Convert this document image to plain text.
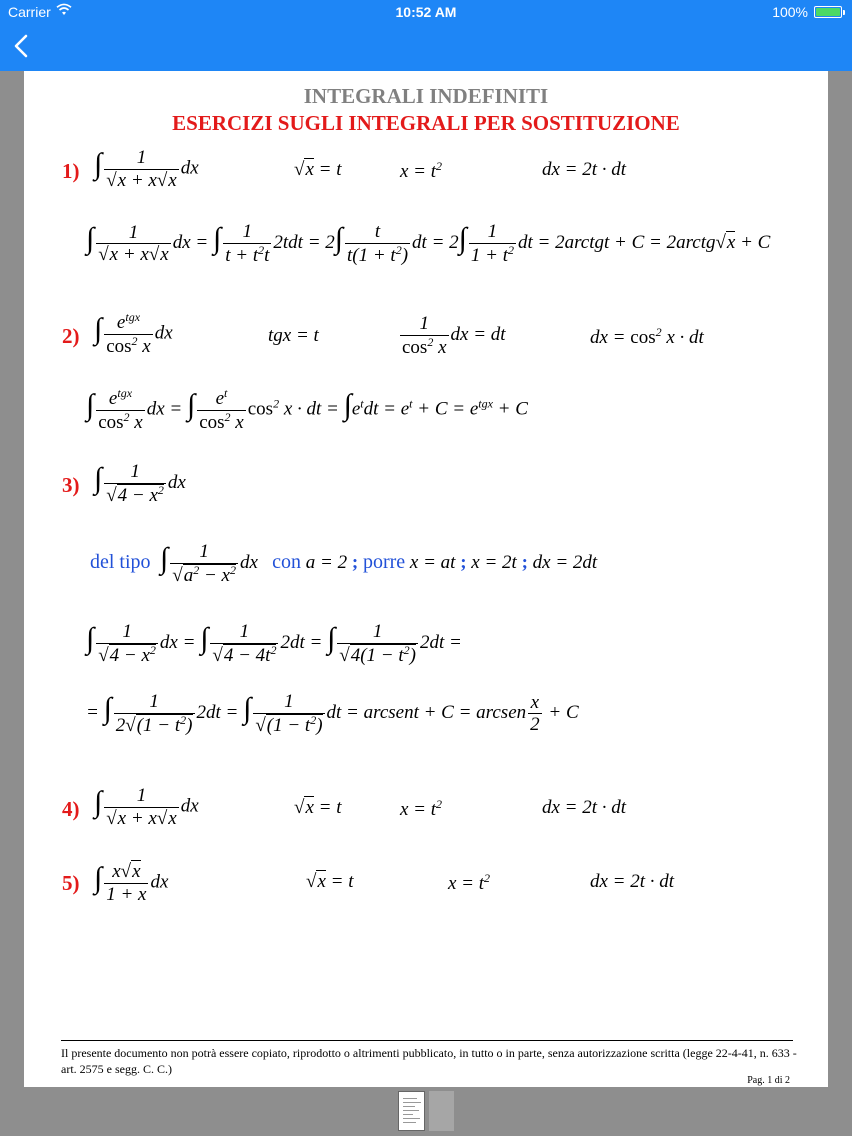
Carrier	10:52 AM	100%
INTEGRALI INDEFINITI
ESERCIZI SUGLI INTEGRALI PER SOSTITUZIONE
1) ∫ 1
√ x + x √ x dx √	x = t	$x = t^2$	dx = 2t · dt
∫ 1
√ x + x √ x dx = ∫ $\frac{1}{t + t^2t} 2tdt = 2\int \frac{t}{t(1 + t^2)}$ dt = $2\int \frac{1}{1 + t^2}$ dt = 2arctgt + C = 2arctg √ x + C
2) ∫ $\frac{e^{tgx}}{\cos^2 x}$ dx	tgx = t	$\frac{1}{\cos^2 x}$ dx = dt	dx = $\cos^2 x$ · dt
∫ $\frac{e^{tgx}}{\cos^2 x}$ dx = ∫ $\frac{e^t}{\cos^2 x} \cos^2 x$ · dt = $\int e^tdt = e^t + C = e^{tgx} + C$
3) ∫ 1
√ $4 - x^2$ dx
del tipo ∫ 1
√ $a^2 - x^2$ dx   con a = 2 ; porre x = at ; x = 2t ; dx = 2dt
∫ 1
√ $4 - x^2$ dx = ∫ 1
√ $4 - 4t^2$ 2dt = ∫ 1
√ $4(1 - t^2)$ 2dt =
= ∫ $\frac{1}{2 √ (1 - t^2)} 2dt$ = ∫ 1
√ $(1 - t^2)$ dt = arcsent + C = arcsen $\frac{x}{2} + C$
4) ∫ 1
√ x + x √ x dx √	x = t	$x = t^2$	dx = 2t · dt
5) ∫ $\frac{x √ x}{1 + x}$ dx √	x = t	$x = t^2$	dx = 2t · dt
Il presente documento non potrà essere copiato, riprodotto o altrimenti pubblicato, in tutto o in parte, senza autorizzazione scritta (legge 22-4-41, n. 633 - art. 2575 e segg. C. C.)
Pag. 1 di 2
